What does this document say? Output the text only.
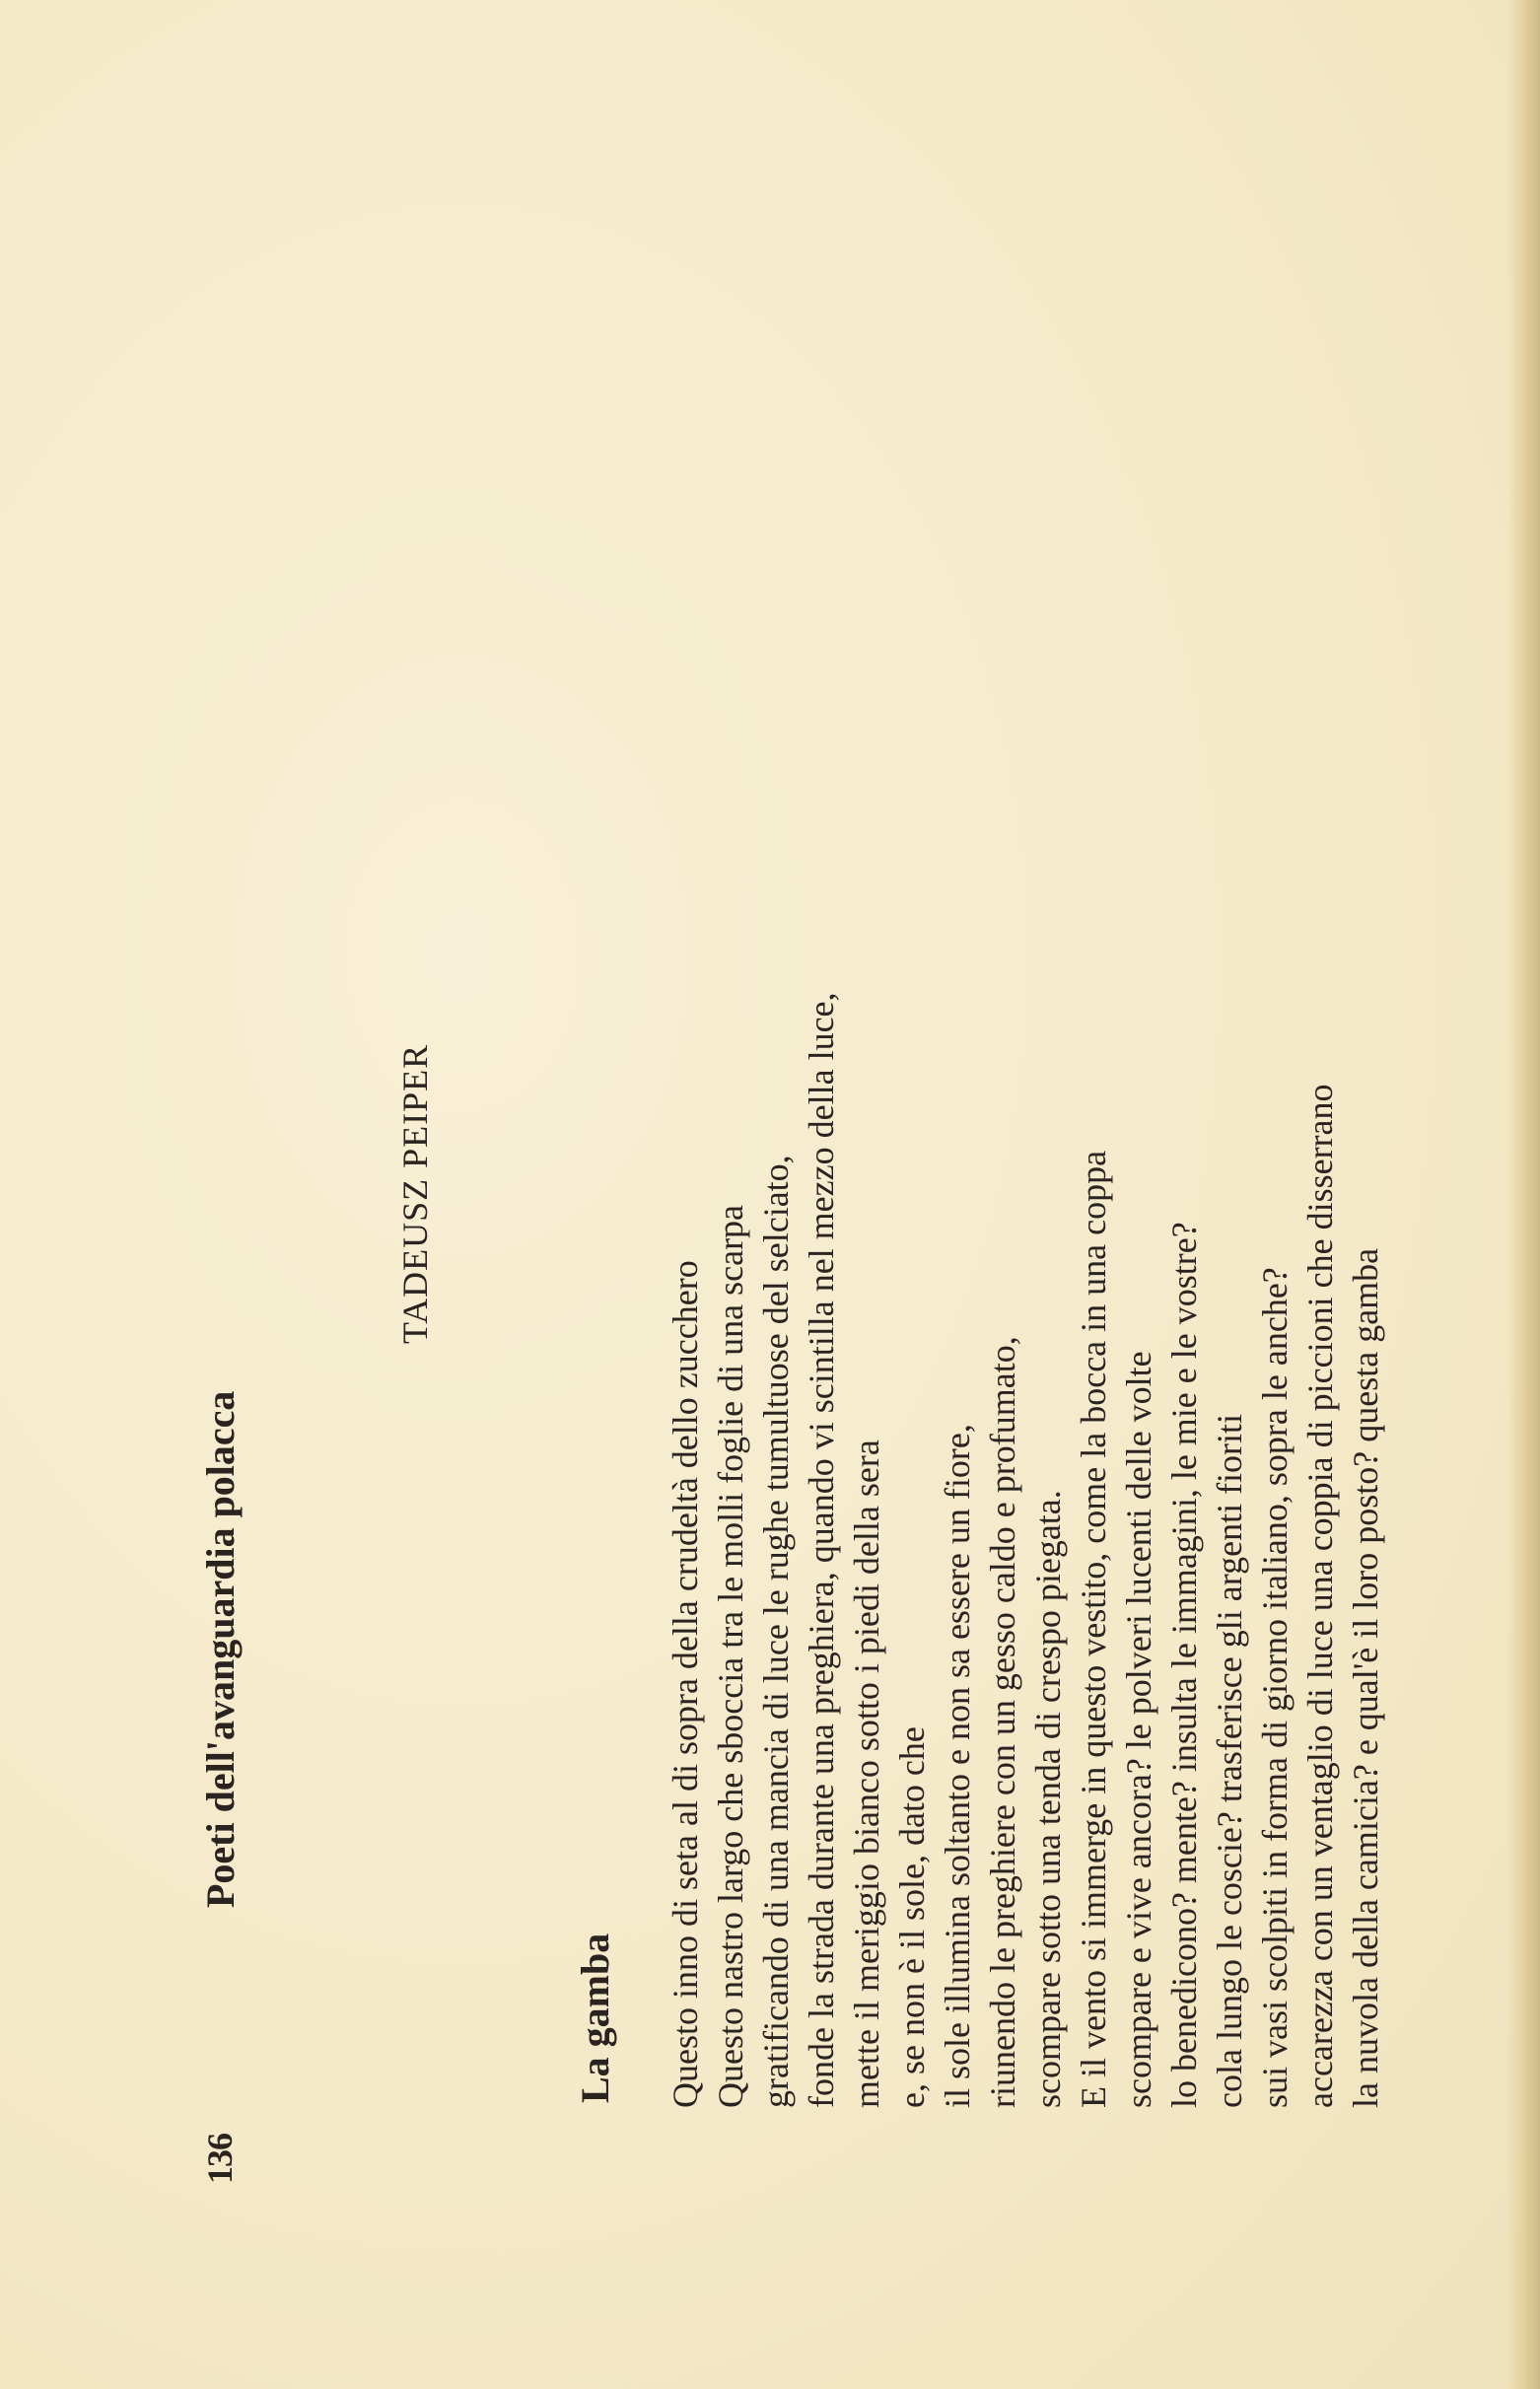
136
Poeti dell'avanguardia polacca
TADEUSZ PEIPER
La gamba Questo inno di seta al di sopra della crudeltà dello zucchero Questo nastro largo che sboccia tra le molli foglie di una scarpa gratificando di una mancia di luce le rughe tumultuose del selciato, fonde la strada durante una preghiera, quando vi scintilla nel mezzo della luce, mette il meriggio bianco sotto i piedi della sera e, se non è il sole, dato che il sole illumina soltanto e non sa essere un fiore, riunendo le preghiere con un gesso caldo e profumato, scompare sotto una tenda di crespo piegata. E il vento si immerge in questo vestito, come la bocca in una coppa scompare e vive ancora? le polveri lucenti delle volte lo benedicono? mente? insulta le immagini, le mie e le vostre? cola lungo le coscie? trasferisce gli argenti fioriti sui vasi scolpiti in forma di giorno italiano, sopra le anche? accarezza con un ventaglio di luce una coppia di piccioni che disserrano la nuvola della camicia? e qual'è il loro posto? questa gamba
